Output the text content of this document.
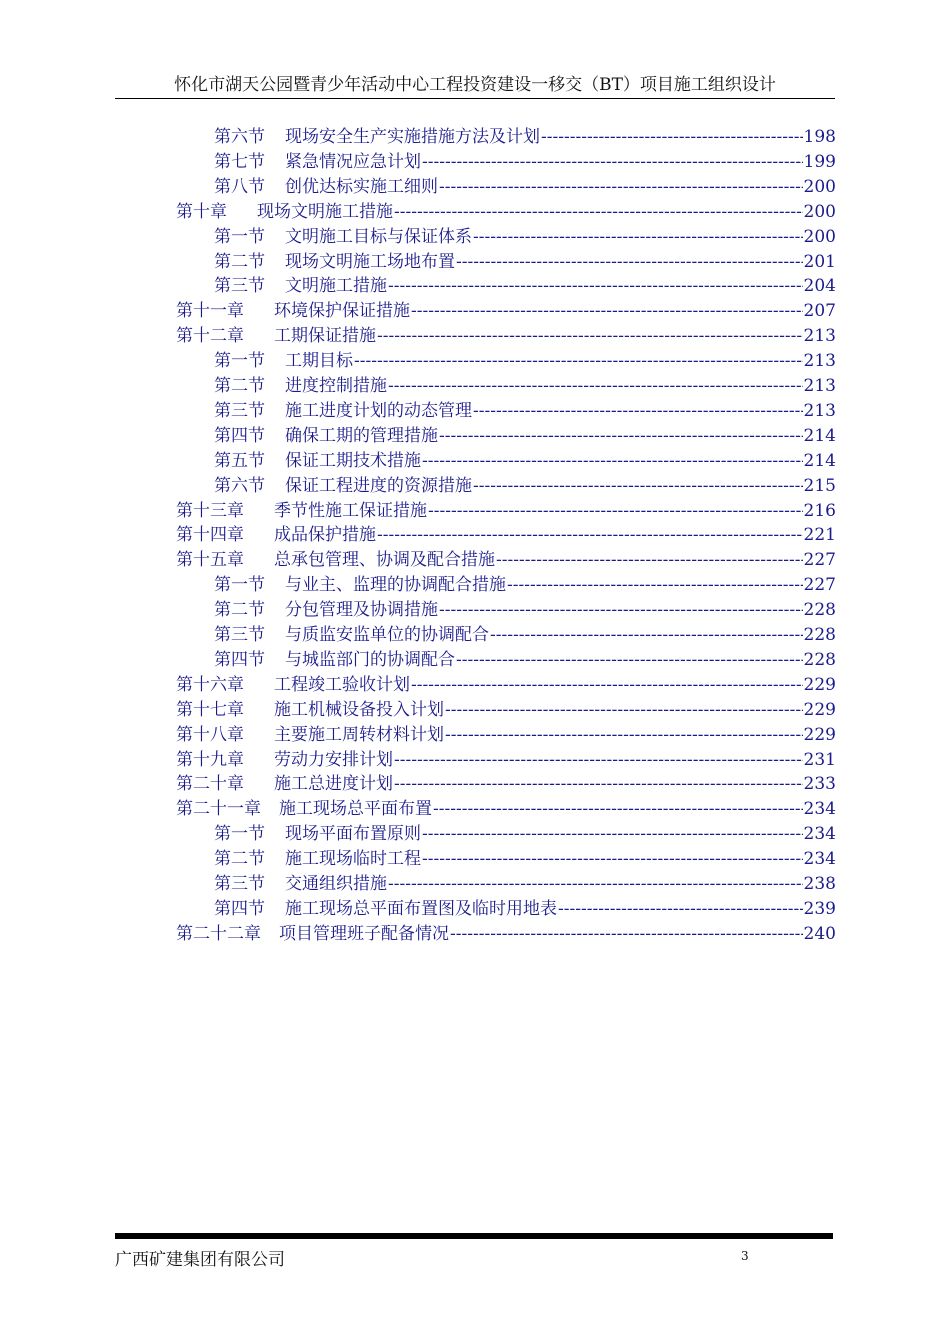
怀化市湖天公园暨青少年活动中心工程投资建设一移交（BT）项目施工组织设计
第六节 现场安全生产实施措施方法及计划 -----	198
第七节 紧急情况应急计划 -----	199
第八节 创优达标实施工细则 -----	200
第十章 现场文明施工措施 -----	200
第一节 文明施工目标与保证体系 -----	200
第二节 现场文明施工场地布置 -----	201
第三节 文明施工措施 -----	204
第十一章 环境保护保证措施 -----	207
第十二章 工期保证措施 -----	213
第一节 工期目标 -----	213
第二节 进度控制措施 -----	213
第三节 施工进度计划的动态管理 -----	213
第四节 确保工期的管理措施 -----	214
第五节 保证工期技术措施 -----	214
第六节 保证工程进度的资源措施 -----	215
第十三章 季节性施工保证措施 -----	216
第十四章 成品保护措施 -----	221
第十五章 总承包管理、协调及配合措施 -----	227
第一节 与业主、监理的协调配合措施 -----	227
第二节 分包管理及协调措施 -----	228
第三节 与质监安监单位的协调配合 -----	228
第四节 与城监部门的协调配合 -----	228
第十六章 工程竣工验收计划 -----	229
第十七章 施工机械设备投入计划 -----	229
第十八章 主要施工周转材料计划 -----	229
第十九章 劳动力安排计划 -----	231
第二十章 施工总进度计划 -----	233
第二十一章 施工现场总平面布置 -----	234
第一节 现场平面布置原则 -----	234
第二节 施工现场临时工程 -----	234
第三节 交通组织措施 -----	238
第四节 施工现场总平面布置图及临时用地表 -----	239
第二十二章 项目管理班子配备情况 -----	240
广西矿建集团有限公司	3
